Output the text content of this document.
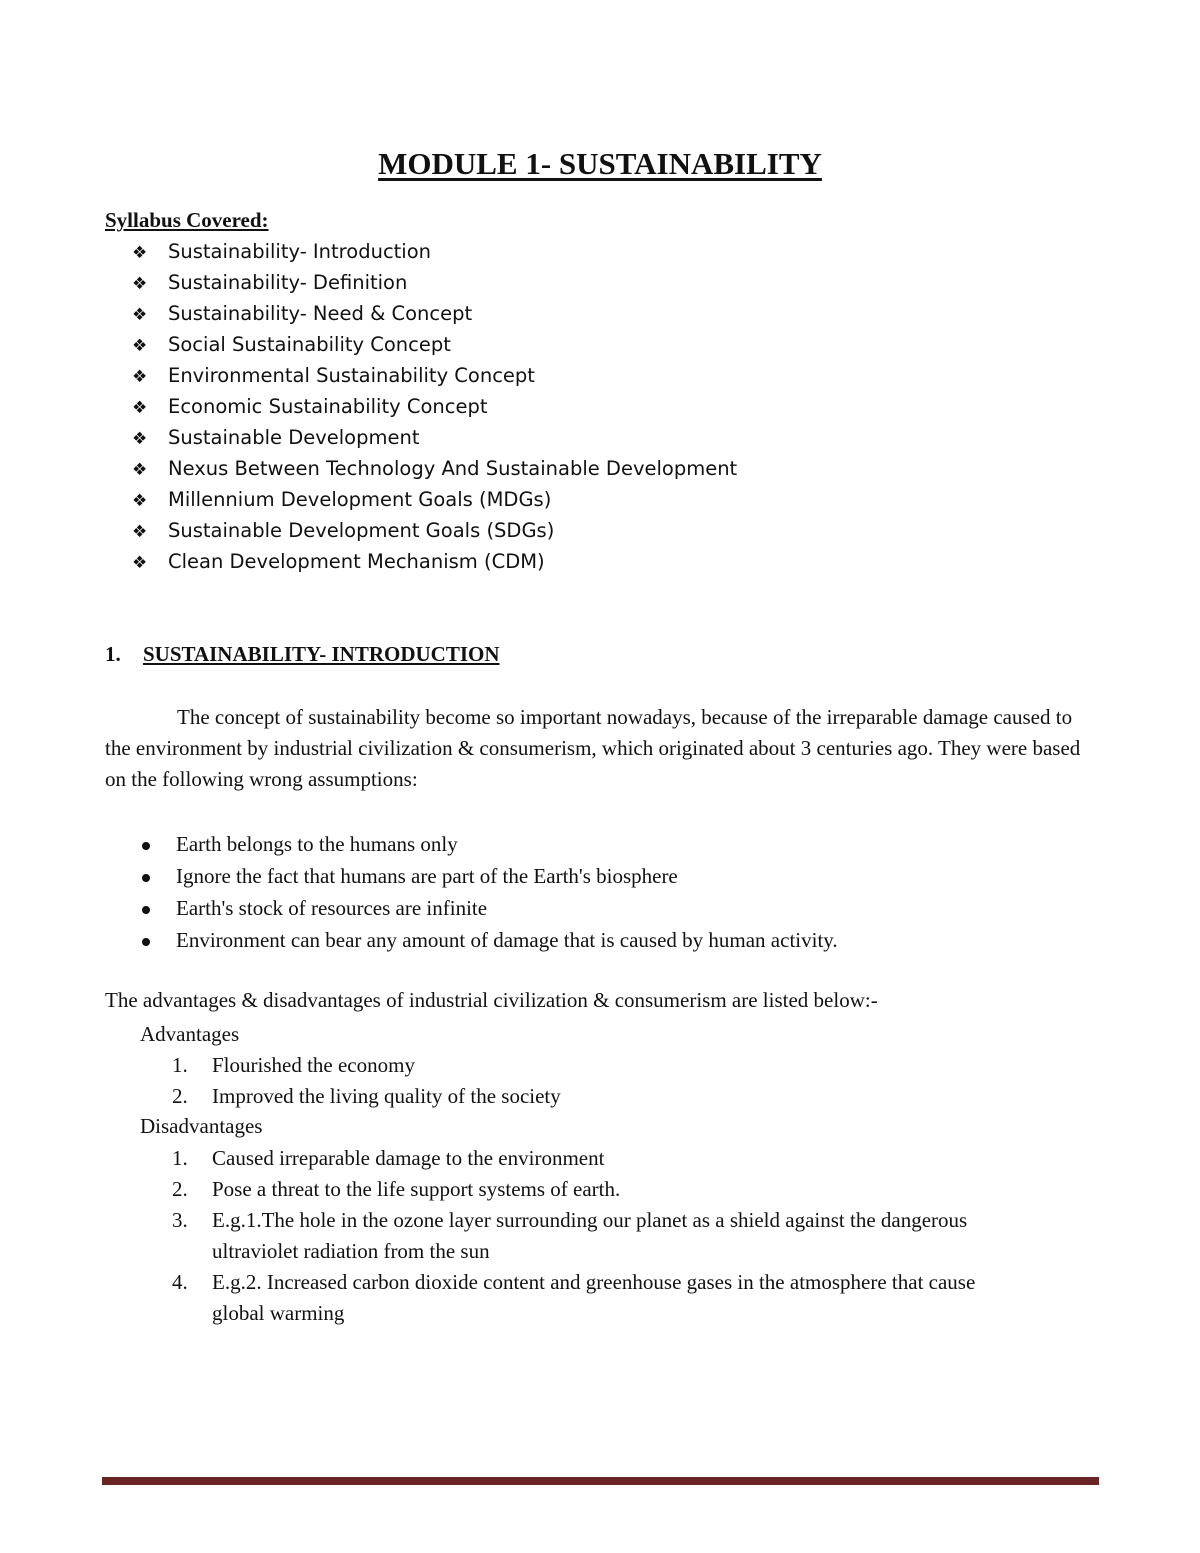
MODULE 1- SUSTAINABILITY
Syllabus Covered:
❖ Sustainability- Introduction
❖ Sustainability- Definition
❖ Sustainability- Need & Concept
❖ Social Sustainability Concept
❖ Environmental Sustainability Concept
❖ Economic Sustainability Concept
❖ Sustainable Development
❖ Nexus Between Technology And Sustainable Development
❖ Millennium Development Goals (MDGs)
❖ Sustainable Development Goals (SDGs)
❖ Clean Development Mechanism (CDM)
1. SUSTAINABILITY- INTRODUCTION
The concept of sustainability become so important nowadays, because of the irreparable damage caused to the environment by industrial civilization & consumerism, which originated about 3 centuries ago. They were based on the following wrong assumptions:
Earth belongs to the humans only
Ignore the fact that humans are part of the Earth's biosphere
Earth's stock of resources are infinite
Environment can bear any amount of damage that is caused by human activity.
The advantages & disadvantages of industrial civilization & consumerism are listed below:-
Advantages
1. Flourished the economy
2. Improved the living quality of the society
Disadvantages
1. Caused irreparable damage to the environment
2. Pose a threat to the life support systems of earth.
3. E.g.1.The hole in the ozone layer surrounding our planet as a shield against the dangerous
ultraviolet radiation from the sun
4. E.g.2. Increased carbon dioxide content and greenhouse gases in the atmosphere that cause
global warming
